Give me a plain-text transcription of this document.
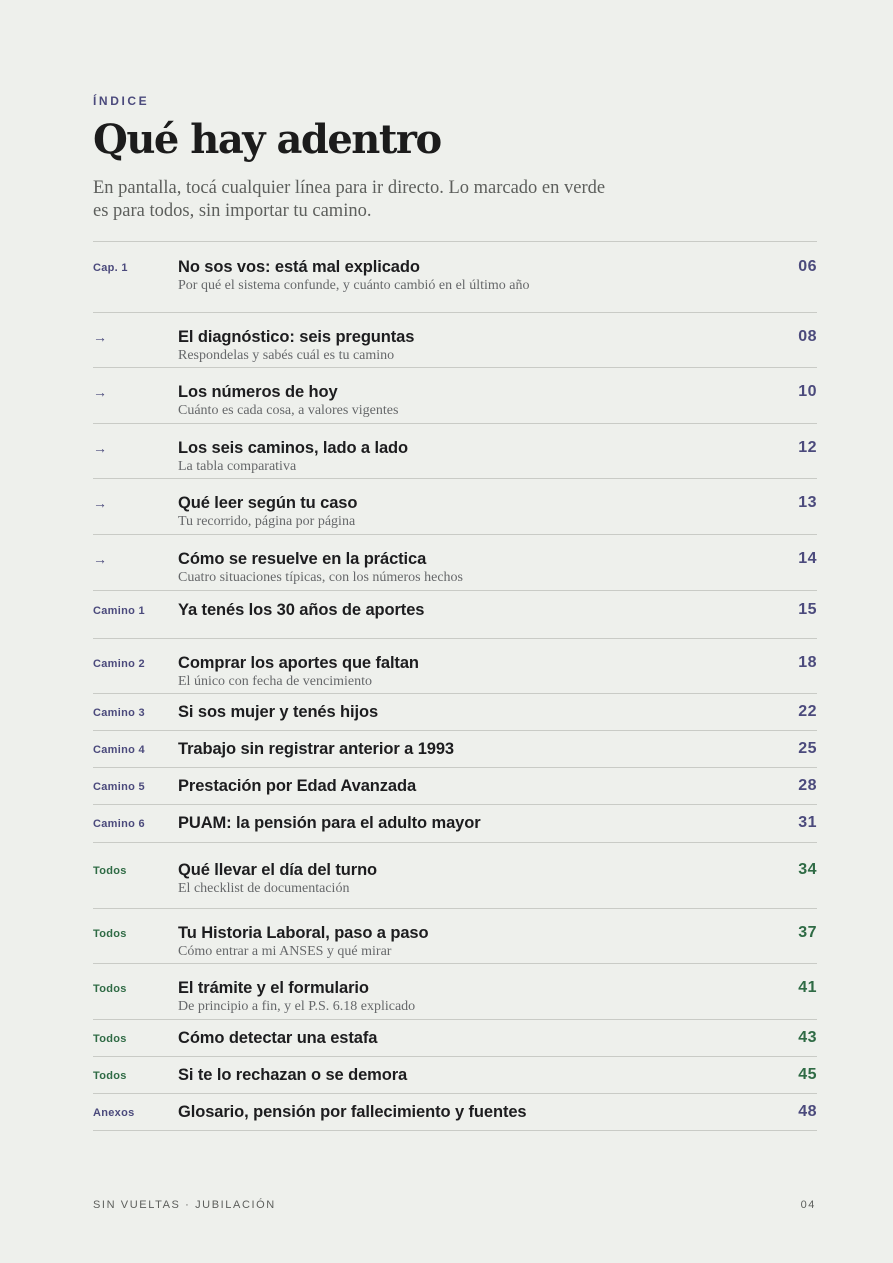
ÍNDICE
Qué hay adentro
En pantalla, tocá cualquier línea para ir directo. Lo marcado en verde es para todos, sin importar tu camino.
Cap. 1	No sos vos: está mal explicado
Por qué el sistema confunde, y cuánto cambió en el último año
06
→	El diagnóstico: seis preguntas
Respondelas y sabés cuál es tu camino
08
→	Los números de hoy
Cuánto es cada cosa, a valores vigentes
10
→	Los seis caminos, lado a lado
La tabla comparativa
12
→	Qué leer según tu caso
Tu recorrido, página por página
13
→	Cómo se resuelve en la práctica
Cuatro situaciones típicas, con los números hechos
14
Camino 1 Ya tenés los 30 años de aportes	15
Camino 2 Comprar los aportes que faltan
El único con fecha de vencimiento
18
Camino 3 Si sos mujer y tenés hijos	22
Camino 4 Trabajo sin registrar anterior a 1993	25
Camino 5 Prestación por Edad Avanzada	28
Camino 6 PUAM: la pensión para el adulto mayor	31
Todos	Qué llevar el día del turno
El checklist de documentación
34
Todos	Tu Historia Laboral, paso a paso
Cómo entrar a mi ANSES y qué mirar
37
Todos	El trámite y el formulario
De principio a fin, y el P.S. 6.18 explicado
41
Todos	Cómo detectar una estafa	43
Todos	Si te lo rechazan o se demora	45
Anexos	Glosario, pensión por fallecimiento y fuentes	48
SIN VUELTAS · JUBILACIÓN	04
